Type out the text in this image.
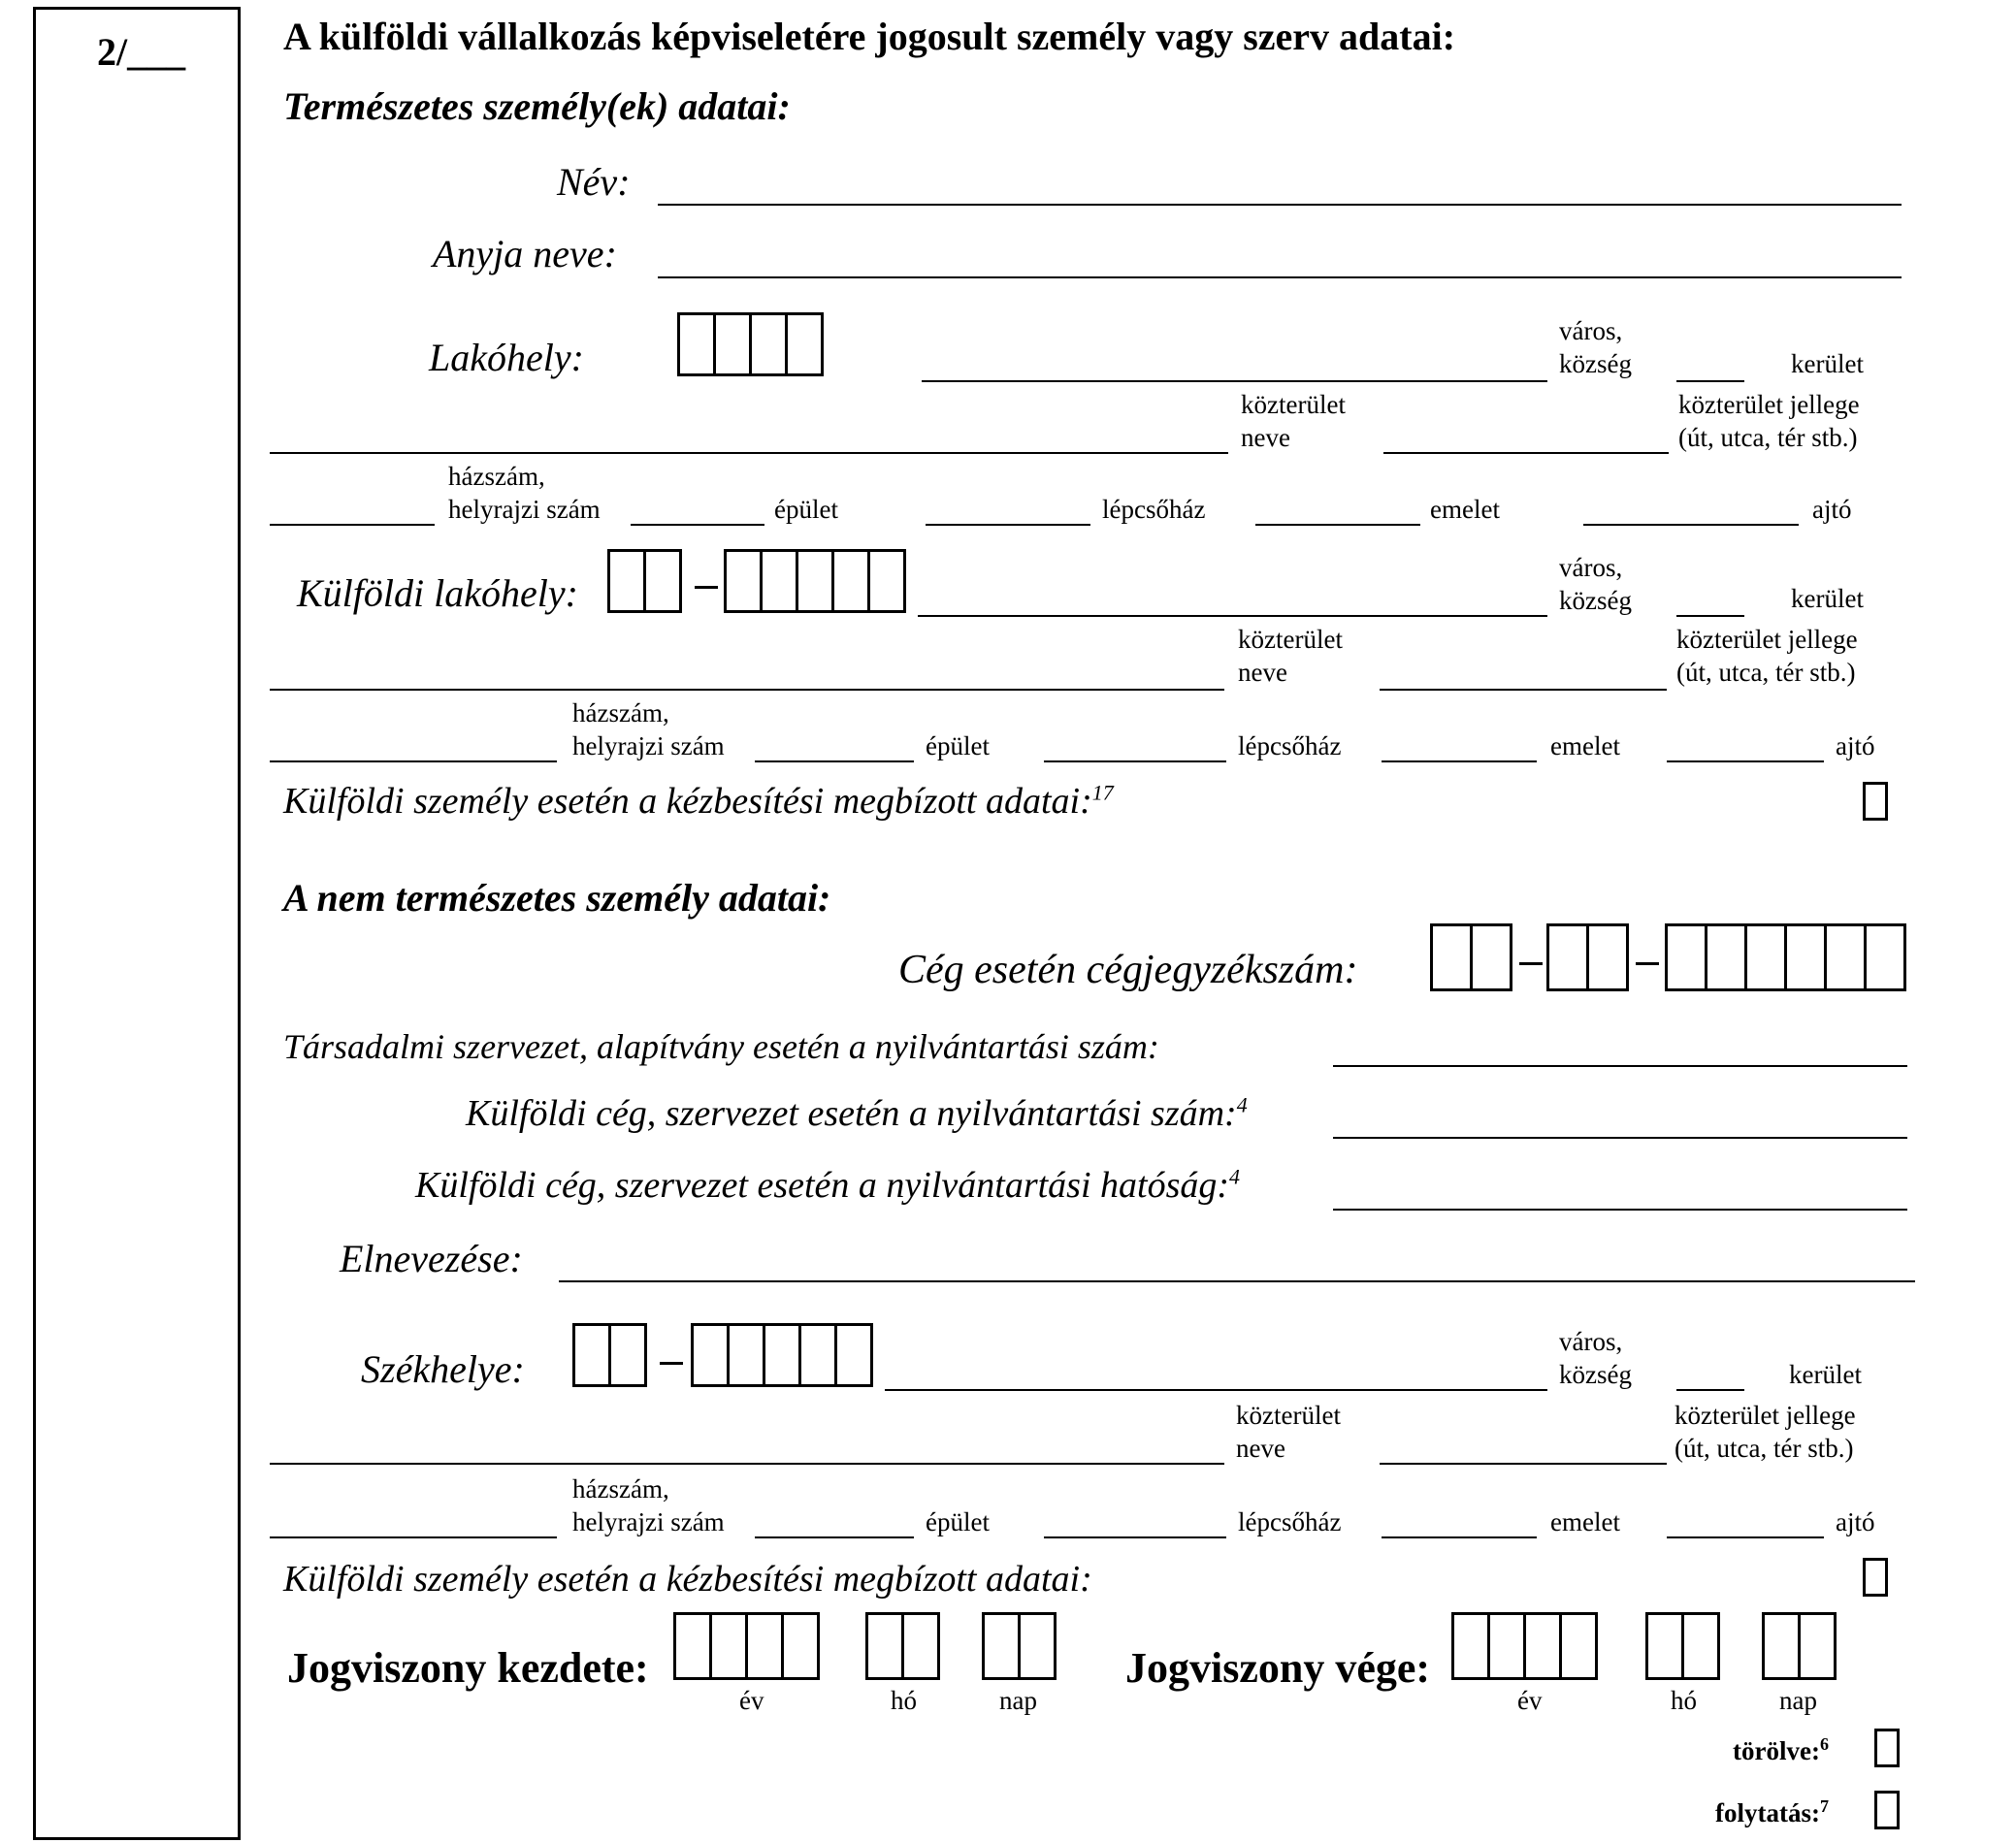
2/___	A külföldi vállalkozás képviseletére jogosult személy vagy szerv adatai:
Természetes személy(ek) adatai:
Név:
Anyja neve:
Lakóhely:
város,
község	kerület
közterület
neve
közterület jellege
(út, utca, tér stb.)
házszám,
helyrajzi szám	épület	lépcsőház	emelet	ajtó
Külföldi lakóhely:
város,
község	kerület
közterület
neve
közterület jellege
(út, utca, tér stb.)
házszám,
helyrajzi szám	épület	lépcsőház	emelet	ajtó
Külföldi személy esetén a kézbesítési megbízott adatai:$^{17}$
A nem természetes személy adatai:
Cég esetén cégjegyzékszám:
Társadalmi szervezet, alapítvány esetén a nyilvántartási szám:
Külföldi cég, szervezet esetén a nyilvántartási szám:$^4$
Külföldi cég, szervezet esetén a nyilvántartási hatóság:$^4$
Elnevezése:
Székhelye:
város,
község	kerület
közterület
neve
közterület jellege
(út, utca, tér stb.)
házszám,
helyrajzi szám	épület	lépcsőház	emelet	ajtó
Külföldi személy esetén a kézbesítési megbízott adatai:
Jogviszony kezdete:
év	hó	nap
Jogviszony vége:
év	hó	nap
törölve:$^6$
folytatás:$^7$
